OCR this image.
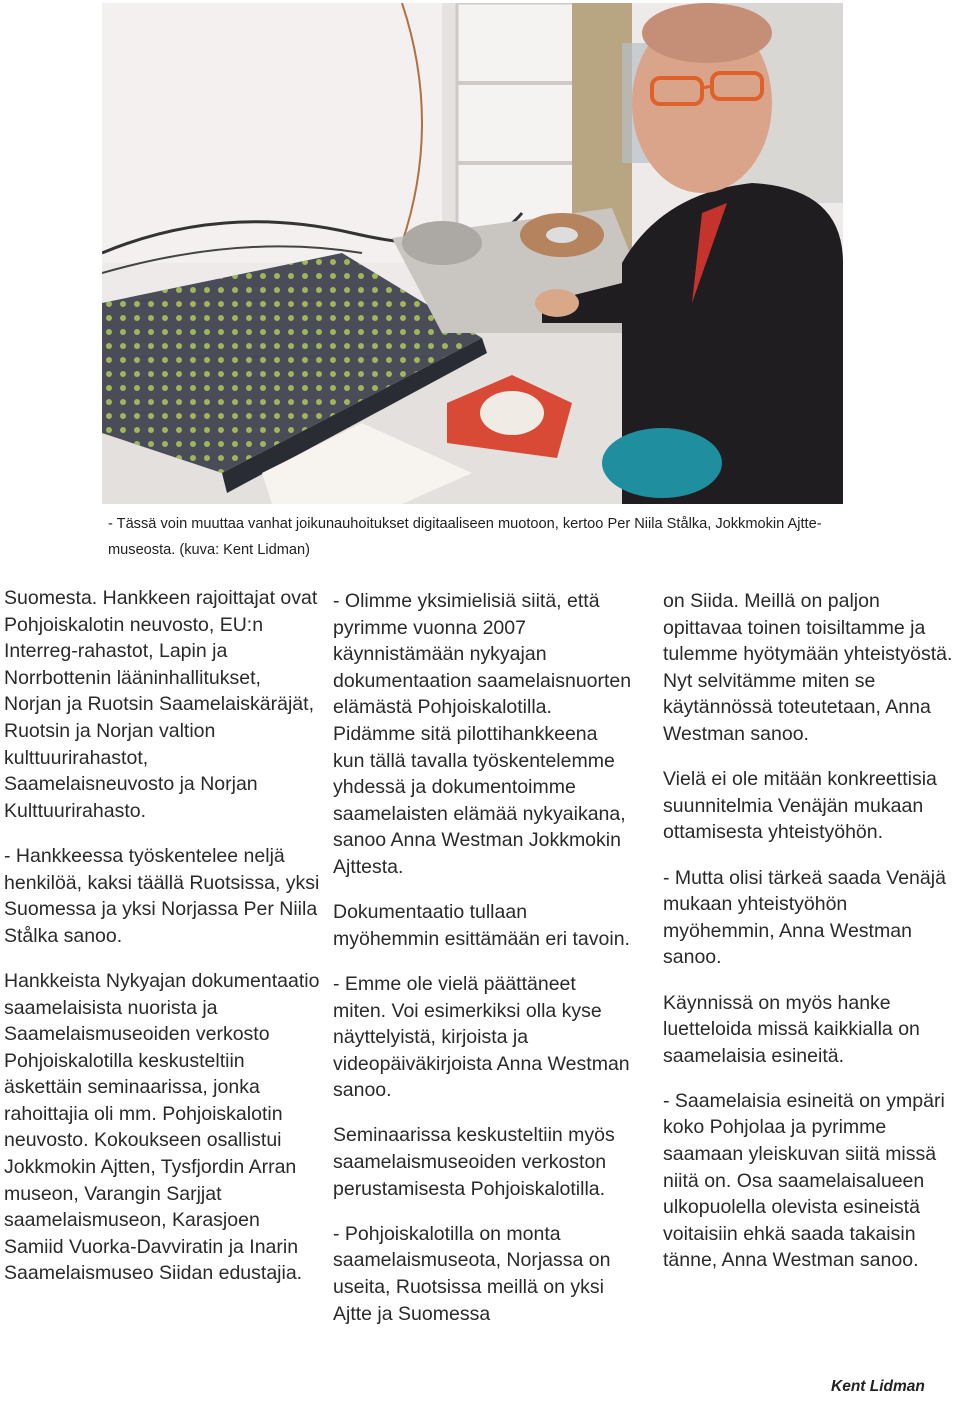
- Tässä voin muuttaa vanhat joikunauhoitukset digitaaliseen muotoon, kertoo Per Niila Stålka, Jokkmokin Ajtte-museosta. (kuva: Kent Lidman)

Suomesta. Hankkeen rajoittajat ovat Pohjoiskalotin neuvosto, EU:n Interreg-rahastot, Lapin ja Norrbottenin lääninhallitukset, Norjan ja Ruotsin Saamelaiskäräjät, Ruotsin ja Norjan valtion kulttuurirahastot, Saamelaisneuvosto ja Norjan Kulttuurirahasto.

- Hankkeessa työskentelee neljä henkilöä, kaksi täällä Ruotsissa, yksi Suomessa ja yksi Norjassa Per Niila Stålka sanoo.

Hankkeista Nykyajan dokumentaatio saamelaisista nuorista ja Saamelaismuseoiden verkosto Pohjoiskalotilla keskusteltiin äskettäin seminaarissa, jonka rahoittajia oli mm. Pohjoiskalotin neuvosto. Kokoukseen osallistui Jokkmokin Ajtten, Tysfjordin Arran museon, Varangin Sarjjat saamelaismuseon, Karasjoen Samiid Vuorka-Davviratin ja Inarin Saamelaismuseo Siidan edustajia.

- Olimme yksimielisiä siitä, että pyrimme vuonna 2007 käynnistämään nykyajan dokumentaation saamelaisnuorten elämästä Pohjoiskalotilla. Pidämme sitä pilottihankkeena kun tällä tavalla työskentelemme yhdessä ja dokumentoimme saamelaisten elämää nykyaikana, sanoo Anna Westman Jokkmokin Ajttesta.

Dokumentaatio tullaan myöhemmin esittämään eri tavoin.

- Emme ole vielä päättäneet miten. Voi esimerkiksi olla kyse näyttelyistä, kirjoista ja videopäiväkirjoista Anna Westman sanoo.

Seminaarissa keskusteltiin myös saamelaismuseoiden verkoston perustamisesta Pohjoiskalotilla.

- Pohjoiskalotilla on monta saamelaismuseota, Norjassa on useita, Ruotsissa meillä on yksi Ajtte ja Suomessa

on Siida. Meillä on paljon opittavaa toinen toisiltamme ja tulemme hyötymään yhteistyöstä. Nyt selvitämme miten se käytännössä toteutetaan, Anna Westman sanoo.

Vielä ei ole mitään konkreettisia suunnitelmia Venäjän mukaan ottamisesta yhteistyöhön.

- Mutta olisi tärkeä saada Venäjä mukaan yhteistyöhön myöhemmin, Anna Westman sanoo.

Käynnissä on myös hanke luetteloida missä kaikkialla on saamelaisia esineitä.

- Saamelaisia esineitä on ympäri koko Pohjolaa ja pyrimme saamaan yleiskuvan siitä missä niitä on. Osa saamelaisalueen ulkopuolella olevista esineistä voitaisiin ehkä saada takaisin tänne, Anna Westman sanoo.

Kent Lidman
